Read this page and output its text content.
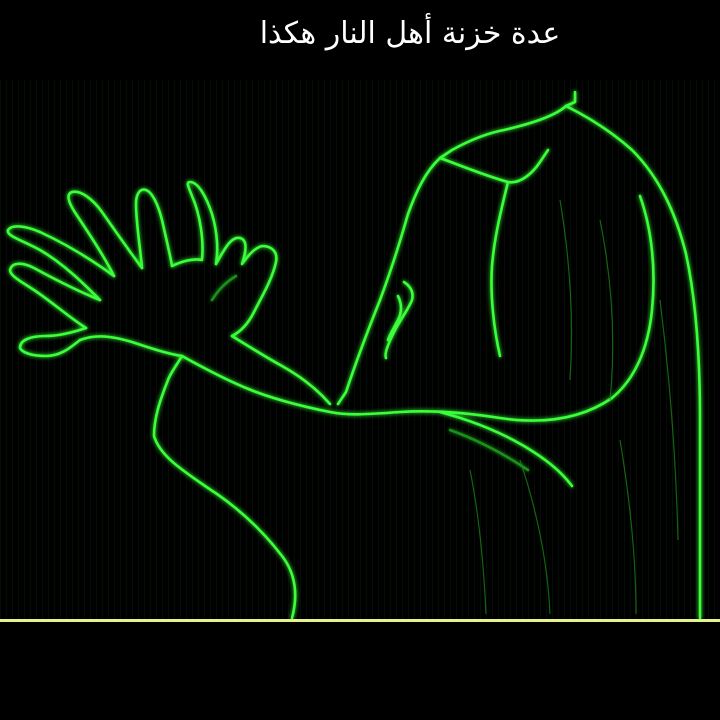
عدة خزنة أهل النار هكذا
